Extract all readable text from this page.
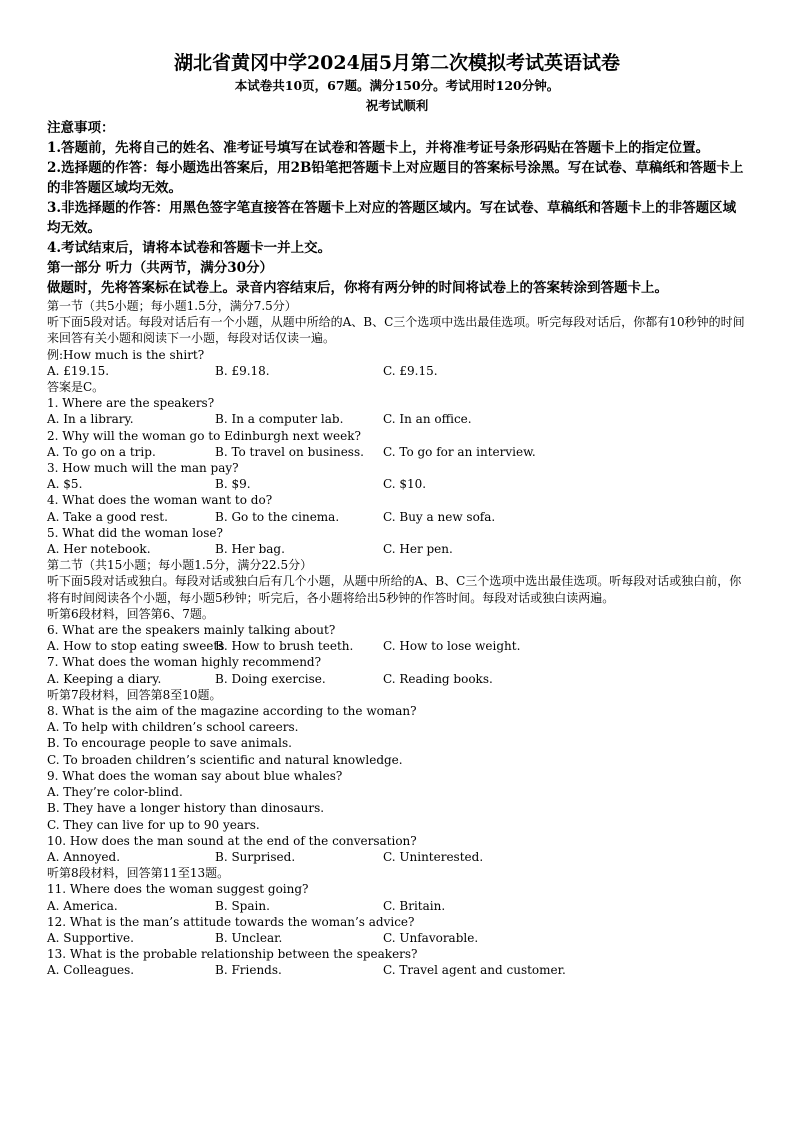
湖北省黄冈中学2024届5月第二次模拟考试英语试卷

本试卷共10页，67题。满分150分。考试用时120分钟。

祝考试顺利

注意事项：

1.答题前，先将自己的姓名、准考证号填写在试卷和答题卡上，并将准考证号条形码贴在答题卡上的指定位置。

2.选择题的作答：每小题选出答案后，用2B铅笔把答题卡上对应题目的答案标号涂黑。写在试卷、草稿纸和答题卡上的非答题区域均无效。

3.非选择题的作答：用黑色签字笔直接答在答题卡上对应的答题区域内。写在试卷、草稿纸和答题卡上的非答题区域均无效。

4.考试结束后，请将本试卷和答题卡一并上交。

第一部分 听力（共两节，满分30分）

做题时，先将答案标在试卷上。录音内容结束后，你将有两分钟的时间将试卷上的答案转涂到答题卡上。

第一节（共5小题；每小题1.5分，满分7.5分）

听下面5段对话。每段对话后有一个小题，从题中所给的A、B、C三个选项中选出最佳选项。听完每段对话后，你都有10秒钟的时间来回答有关小题和阅读下一小题，每段对话仅读一遍。

例:How much is the shirt?

A. £19.15.	B. £9.18.	C. £9.15.

答案是C。

1. Where are the speakers?

A. In a library.	B. In a computer lab.	C. In an office.

2. Why will the woman go to Edinburgh next week?

A. To go on a trip.	B. To travel on business.	C. To go for an interview.

3. How much will the man pay?

A. $5.	B. $9.	C. $10.

4. What does the woman want to do?

A. Take a good rest.	B. Go to the cinema.	C. Buy a new sofa.

5. What did the woman lose?

A. Her notebook.	B. Her bag.	C. Her pen.

第二节（共15小题；每小题1.5分，满分22.5分）

听下面5段对话或独白。每段对话或独白后有几个小题，从题中所给的A、B、C三个选项中选出最佳选项。听每段对话或独白前，你将有时间阅读各个小题，每小题5秒钟；听完后，各小题将给出5秒钟的作答时间。每段对话或独白读两遍。

听第6段材料，回答第6、7题。

6. What are the speakers mainly talking about?

A. How to stop eating sweets
B. How to brush teeth.	C. How to lose weight.

7. What does the woman highly recommend?

A. Keeping a diary.	B. Doing exercise.	C. Reading books.

听第7段材料，回答第8至10题。

8. What is the aim of the magazine according to the woman?

A. To help with children’s school careers.

B. To encourage people to save animals.

C. To broaden children’s scientific and natural knowledge.

9. What does the woman say about blue whales?

A. They’re color-blind.

B. They have a longer history than dinosaurs.

C. They can live for up to 90 years.

10. How does the man sound at the end of the conversation?

A. Annoyed.	B. Surprised.	C. Uninterested.

听第8段材料，回答第11至13题。

11. Where does the woman suggest going?

A. America.	B. Spain.	C. Britain.

12. What is the man’s attitude towards the woman’s advice?

A. Supportive.	B. Unclear.	C. Unfavorable.

13. What is the probable relationship between the speakers?

A. Colleagues.	B. Friends.	C. Travel agent and customer.
